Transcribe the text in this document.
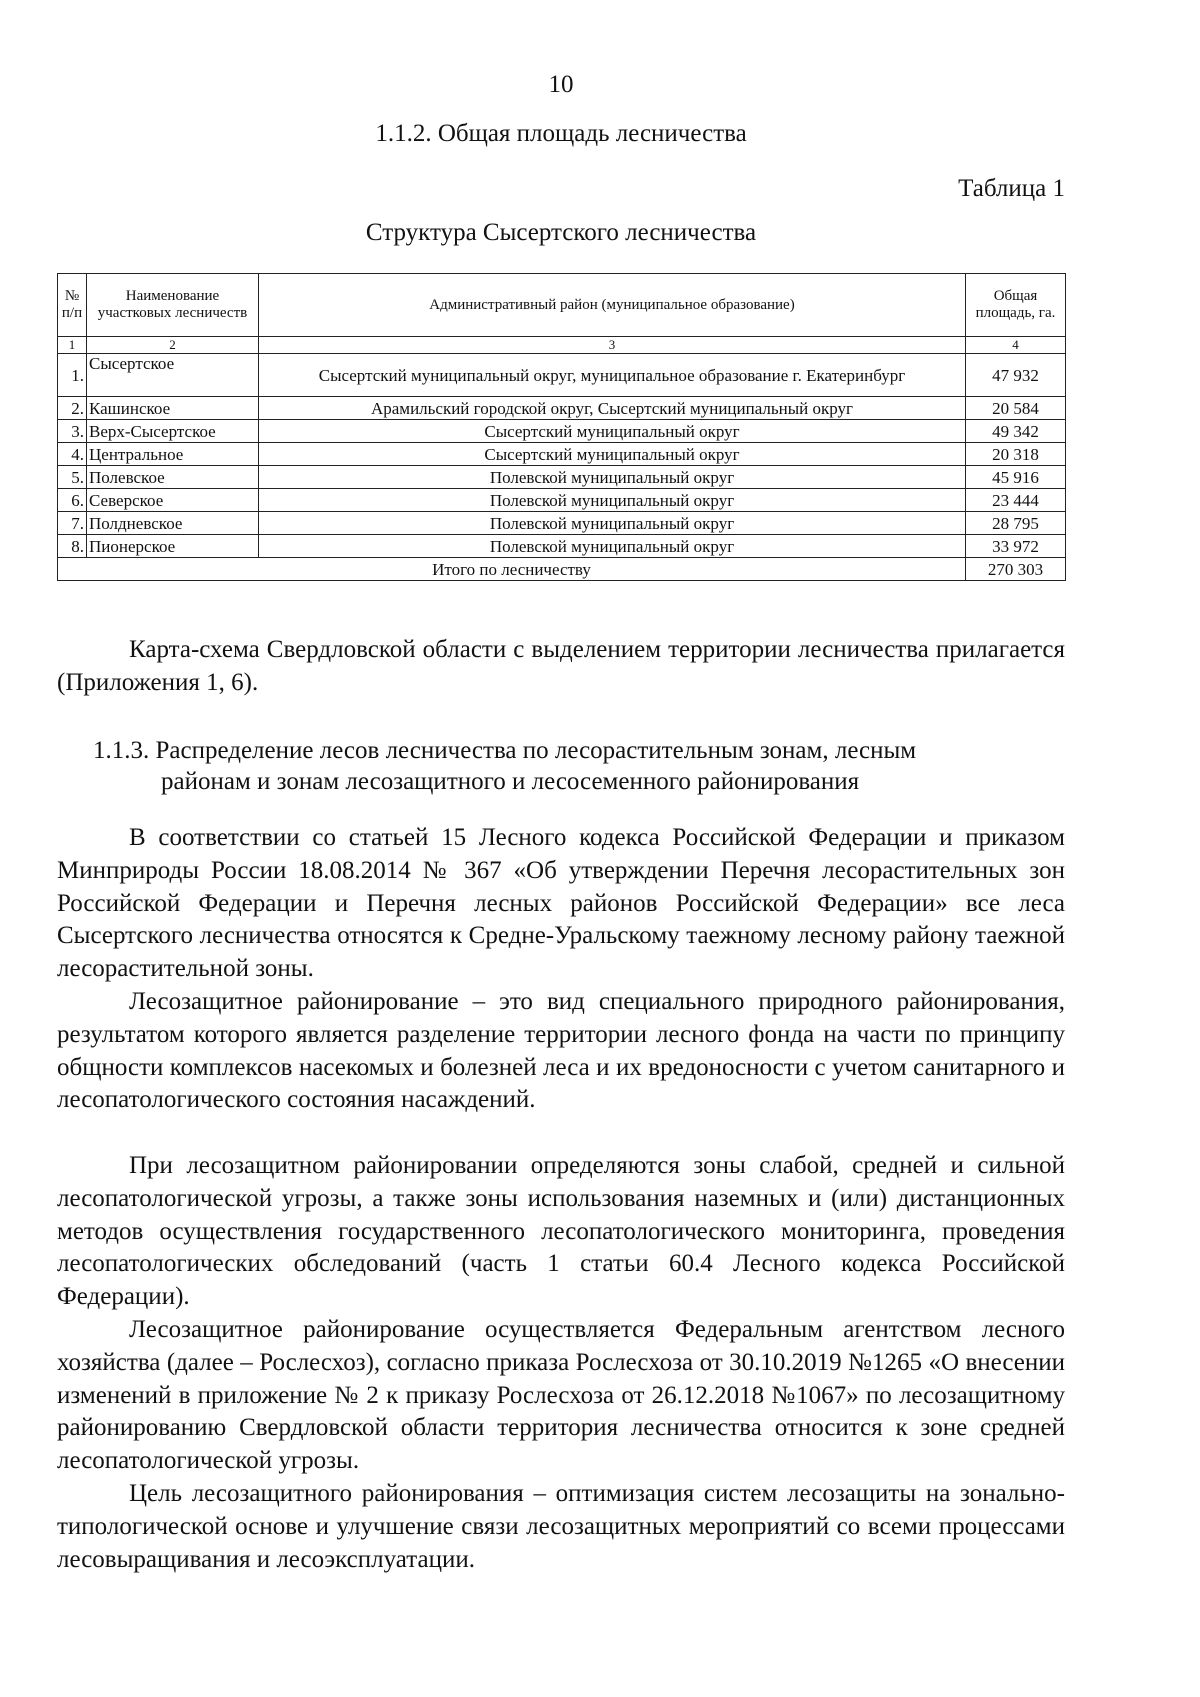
10
1.1.2. Общая площадь лесничества
Таблица 1
Структура Сысертского лесничества
№ п/п	Наименование участковых лесничеств	Административный район (муниципальное образование)	Общая площадь, га.
1	2	3	4
1.	Сысертское	Сысертский муниципальный округ, муниципальное образование г. Екатеринбург	47 932
2.	Кашинское	Арамильский городской округ, Сысертский муниципальный округ	20 584
3.	Верх-Сысертское	Сысертский муниципальный округ	49 342
4.	Центральное	Сысертский муниципальный округ	20 318
5.	Полевское	Полевской муниципальный округ	45 916
6.	Северское	Полевской муниципальный округ	23 444
7.	Полдневское	Полевской муниципальный округ	28 795
8.	Пионерское	Полевской муниципальный округ	33 972
Итого по лесничеству			270 303

Карта-схема Свердловской области с выделением территории лесничества прилагается (Приложения 1, 6).

1.1.3. Распределение лесов лесничества по лесорастительным зонам, лесным
районам и зонам лесозащитного и лесосеменного районирования

В соответствии со статьей 15 Лесного кодекса Российской Федерации и приказом Минприроды России 18.08.2014 № 367 «Об утверждении Перечня лесорастительных зон Российской Федерации и Перечня лесных районов Российской Федерации» все леса Сысертского лесничества относятся к Средне-Уральскому таежному лесному району таежной лесорастительной зоны.

Лесозащитное районирование – это вид специального природного районирования, результатом которого является разделение территории лесного фонда на части по принципу общности комплексов насекомых и болезней леса и их вредоносности с учетом санитарного и лесопатологического состояния насаждений.

При лесозащитном районировании определяются зоны слабой, средней и сильной лесопатологической угрозы, а также зоны использования наземных и (или) дистанционных методов осуществления государственного лесопатологического мониторинга, проведения лесопатологических обследований (часть 1 статьи 60.4 Лесного кодекса Российской Федерации).

Лесозащитное районирование осуществляется Федеральным агентством лесного хозяйства (далее – Рослесхоз), согласно приказа Рослесхоза от 30.10.2019 №1265 «О внесении изменений в приложение № 2 к приказу Рослесхоза от 26.12.2018 №1067» по лесозащитному районированию Свердловской области территория лесничества относится к зоне средней лесопатологической угрозы.

Цель лесозащитного районирования – оптимизация систем лесозащиты на зонально-типологической основе и улучшение связи лесозащитных мероприятий со всеми процессами лесовыращивания и лесоэксплуатации.
